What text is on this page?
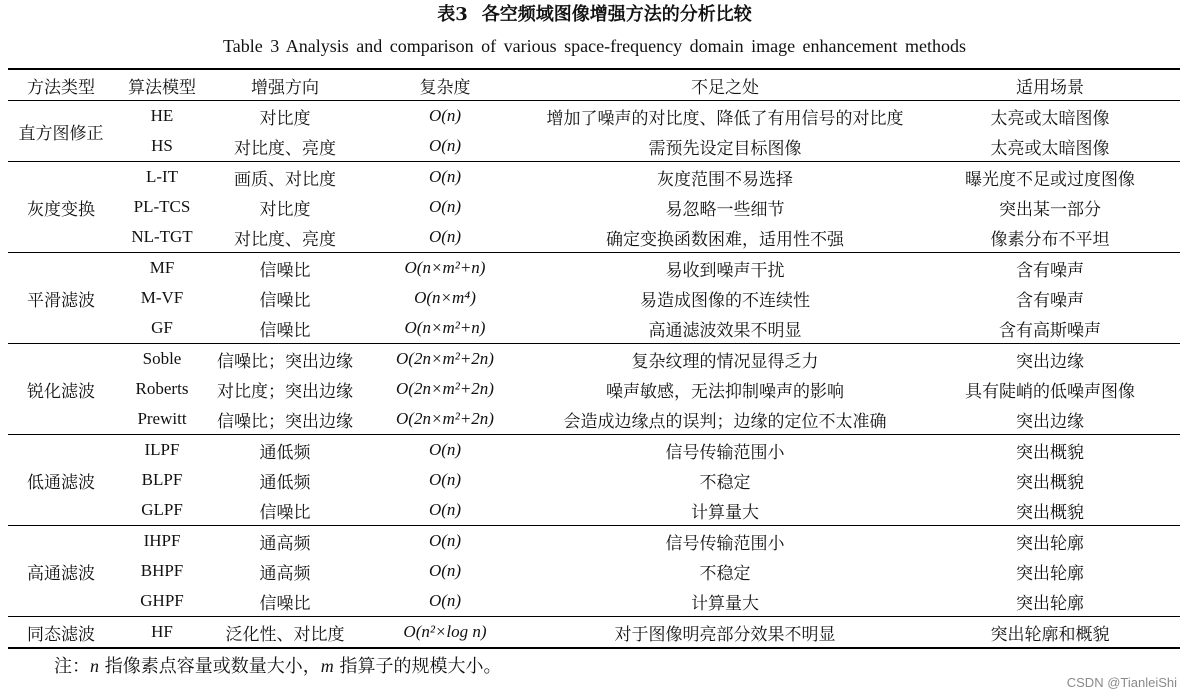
表3 各空频域图像增强方法的分析比较
Table 3 Analysis and comparison of various space-frequency domain image enhancement methods
方法类型	算法模型	增强方向	复杂度	不足之处	适用场景
直方图修正	HE	对比度	O(n)	增加了噪声的对比度、降低了有用信号的对比度	太亮或太暗图像
	HS	对比度、亮度	O(n)	需预先设定目标图像	太亮或太暗图像
灰度变换	L-IT	画质、对比度	O(n)	灰度范围不易选择	曝光度不足或过度图像
	PL-TCS	对比度	O(n)	易忽略一些细节	突出某一部分
	NL-TGT	对比度、亮度	O(n)	确定变换函数困难，适用性不强	像素分布不平坦
平滑滤波	MF	信噪比	O(n×m²+n)	易收到噪声干扰	含有噪声
	M-VF	信噪比	O(n×m⁴)	易造成图像的不连续性	含有噪声
	GF	信噪比	O(n×m²+n)	高通滤波效果不明显	含有高斯噪声
锐化滤波	Soble	信噪比；突出边缘	O(2n×m²+2n)	复杂纹理的情况显得乏力	突出边缘
	Roberts	对比度；突出边缘	O(2n×m²+2n)	噪声敏感，无法抑制噪声的影响	具有陡峭的低噪声图像
	Prewitt	信噪比；突出边缘	O(2n×m²+2n)	会造成边缘点的误判；边缘的定位不太准确	突出边缘
低通滤波	ILPF	通低频	O(n)	信号传输范围小	突出概貌
	BLPF	通低频	O(n)	不稳定	突出概貌
	GLPF	信噪比	O(n)	计算量大	突出概貌
高通滤波	IHPF	通高频	O(n)	信号传输范围小	突出轮廓
	BHPF	通高频	O(n)	不稳定	突出轮廓
	GHPF	信噪比	O(n)	计算量大	突出轮廓
同态滤波	HF	泛化性、对比度	O(n²×log n)	对于图像明亮部分效果不明显	突出轮廓和概貌
注：n 指像素点容量或数量大小，m 指算子的规模大小。
CSDN @TianleiShi
